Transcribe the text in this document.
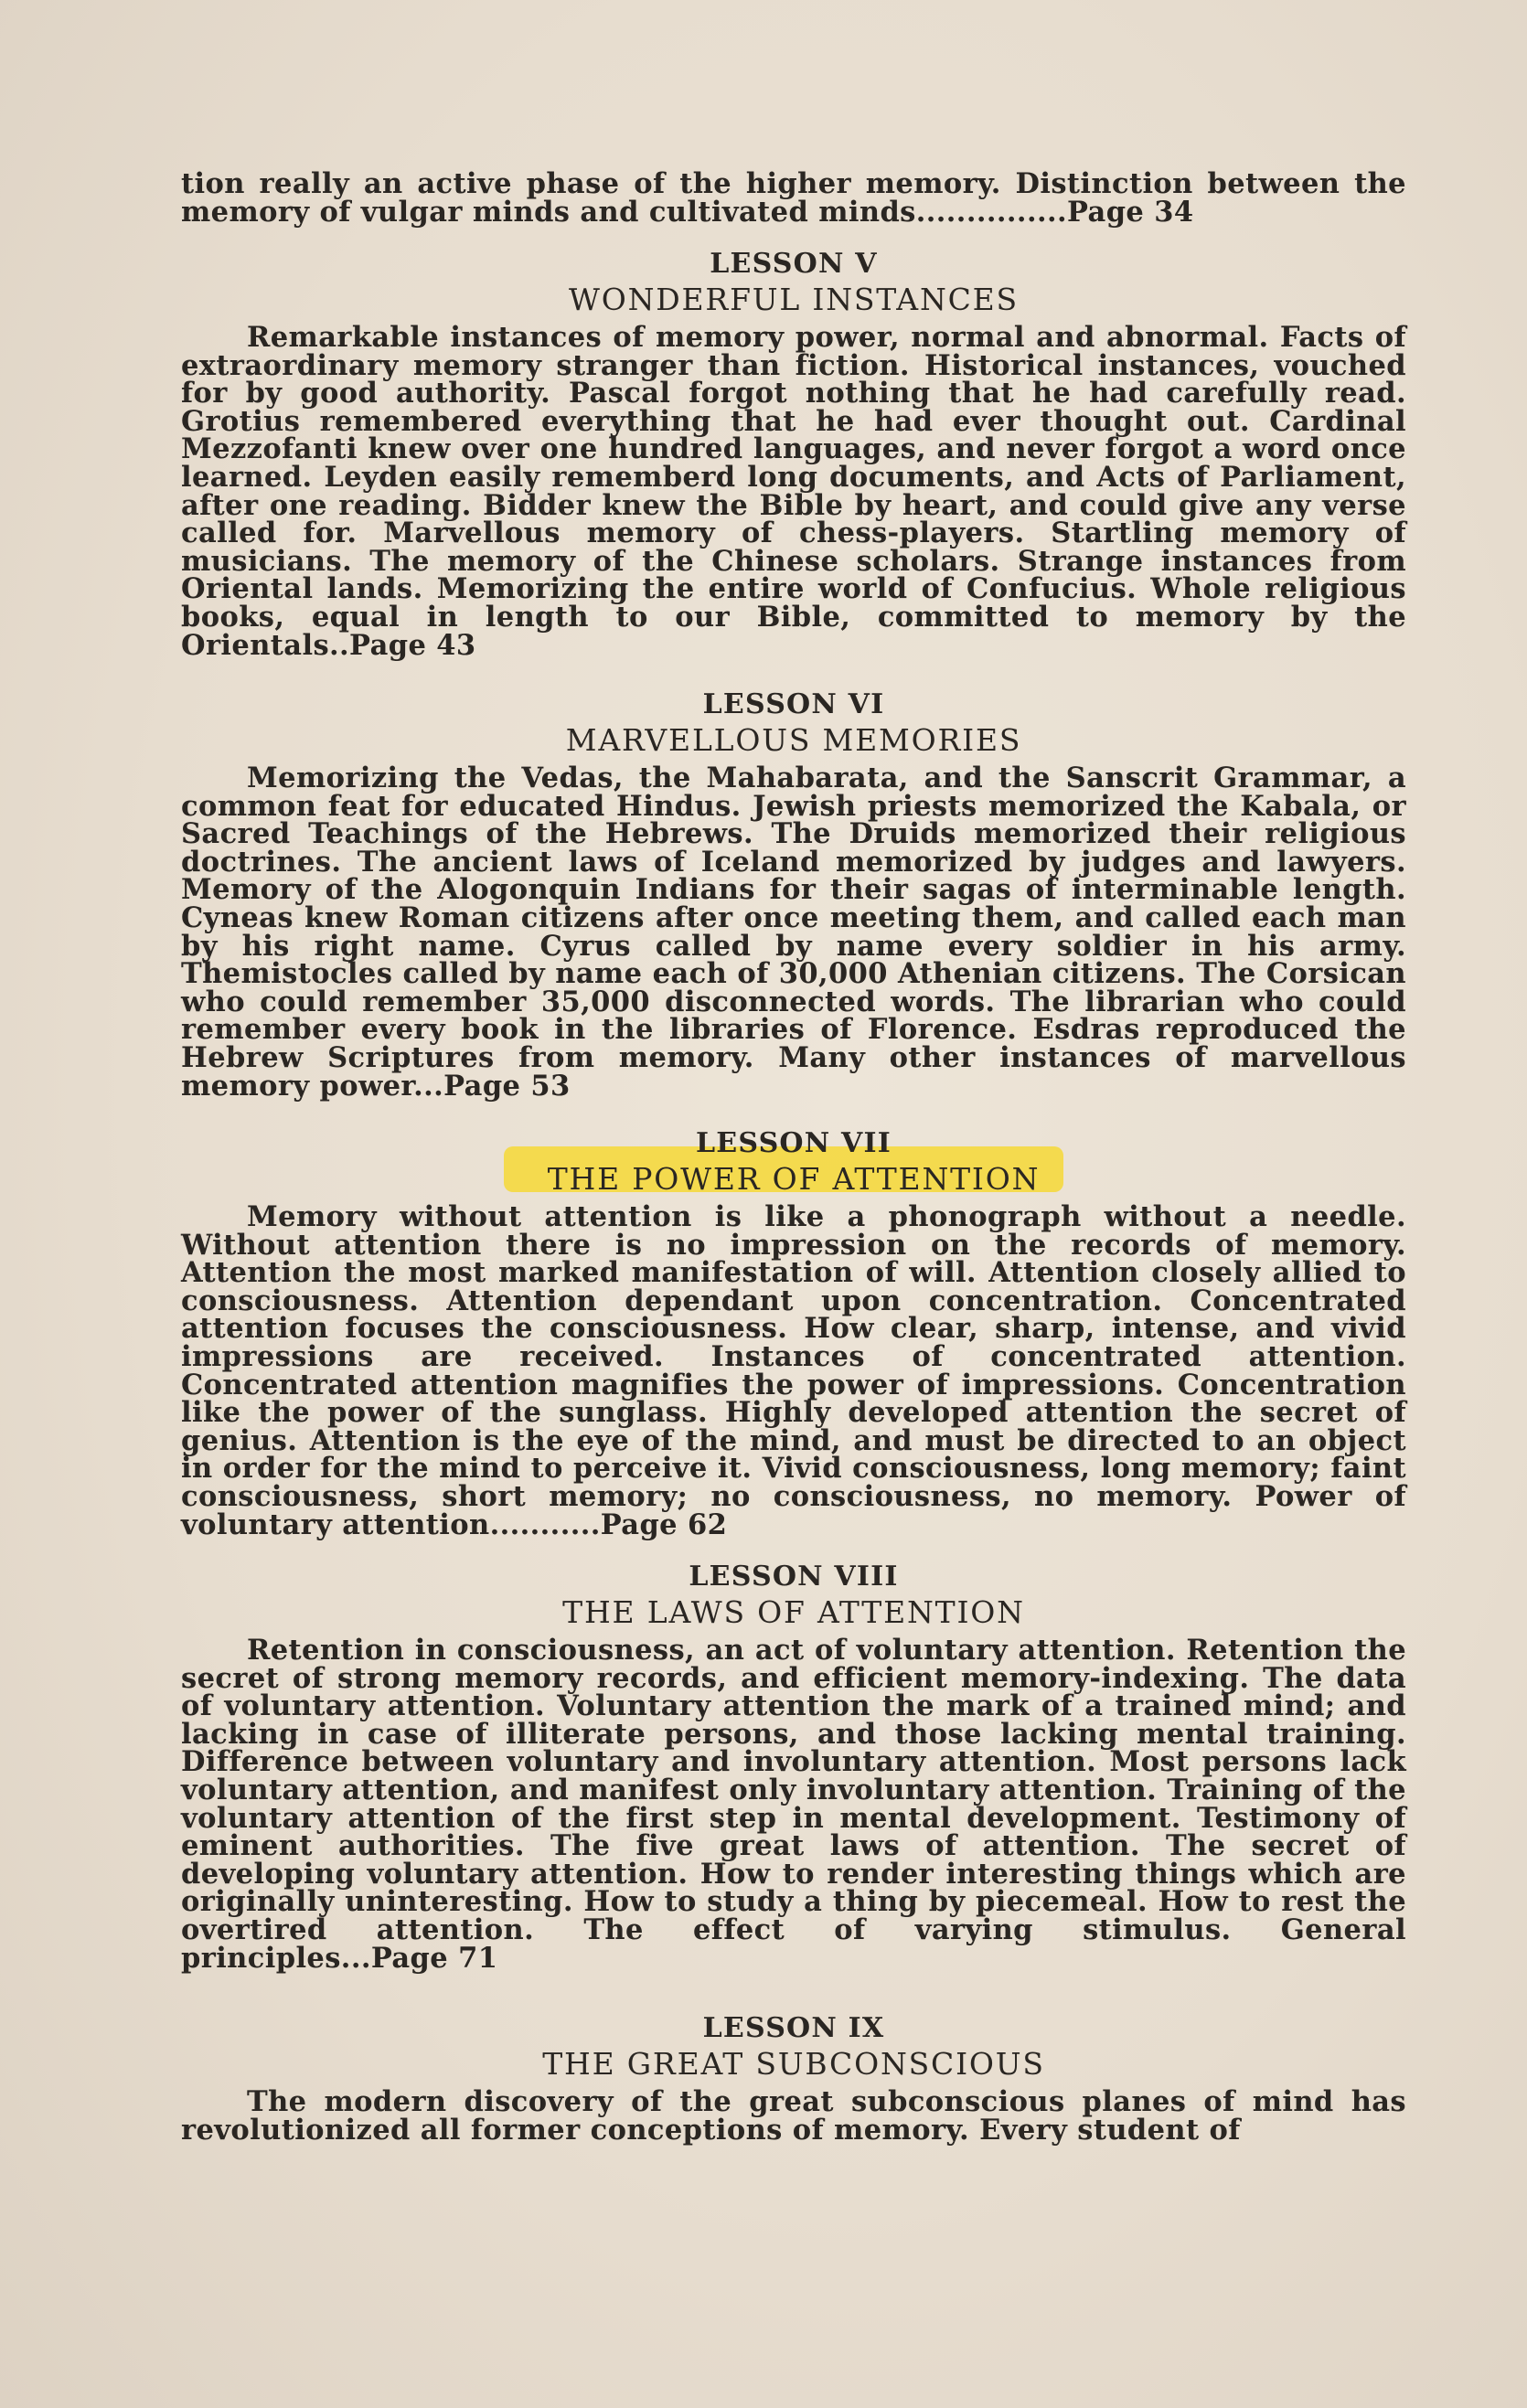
tion really an active phase of the higher memory. Distinction between the memory of vulgar minds and cultivated minds...............Page 34

LESSON V

WONDERFUL INSTANCES

Remarkable instances of memory power, normal and abnormal. Facts of extraordinary memory stranger than fiction. Historical instances, vouched for by good authority. Pascal forgot nothing that he had carefully read. Grotius remembered everything that he had ever thought out. Cardinal Mezzofanti knew over one hundred languages, and never forgot a word once learned. Leyden easily rememberd long documents, and Acts of Parliament, after one reading. Bidder knew the Bible by heart, and could give any verse called for. Marvellous memory of chess-players. Startling memory of musicians. The memory of the Chinese scholars. Strange instances from Oriental lands. Memorizing the entire world of Confucius. Whole religious books, equal in length to our Bible, committed to memory by the Orientals..Page 43

LESSON VI

MARVELLOUS MEMORIES

Memorizing the Vedas, the Mahabarata, and the Sanscrit Grammar, a common feat for educated Hindus. Jewish priests memorized the Kabala, or Sacred Teachings of the Hebrews. The Druids memorized their religious doctrines. The ancient laws of Iceland memorized by judges and lawyers. Memory of the Alogonquin Indians for their sagas of interminable length. Cyneas knew Roman citizens after once meeting them, and called each man by his right name. Cyrus called by name every soldier in his army. Themistocles called by name each of 30,000 Athenian citizens. The Corsican who could remember 35,000 disconnected words. The librarian who could remember every book in the libraries of Florence. Esdras reproduced the Hebrew Scriptures from memory. Many other instances of marvellous memory power...Page 53

LESSON VII

THE POWER OF ATTENTION

Memory without attention is like a phonograph without a needle. Without attention there is no impression on the records of memory. Attention the most marked manifestation of will. Attention closely allied to consciousness. Attention dependant upon concentration. Concentrated attention focuses the consciousness. How clear, sharp, intense, and vivid impressions are received. Instances of concentrated attention. Concentrated attention magnifies the power of impressions. Concentration like the power of the sunglass. Highly developed attention the secret of genius. Attention is the eye of the mind, and must be directed to an object in order for the mind to perceive it. Vivid consciousness, long memory; faint consciousness, short memory; no consciousness, no memory. Power of voluntary attention...........Page 62

LESSON VIII

THE LAWS OF ATTENTION

Retention in consciousness, an act of voluntary attention. Retention the secret of strong memory records, and efficient memory-indexing. The data of voluntary attention. Voluntary attention the mark of a trained mind; and lacking in case of illiterate persons, and those lacking mental training. Difference between voluntary and involuntary attention. Most persons lack voluntary attention, and manifest only involuntary attention. Training of the voluntary attention of the first step in mental development. Testimony of eminent authorities. The five great laws of attention. The secret of developing voluntary attention. How to render interesting things which are originally uninteresting. How to study a thing by piecemeal. How to rest the overtired attention. The effect of varying stimulus. General principles...Page 71

LESSON IX

THE GREAT SUBCONSCIOUS

The modern discovery of the great subconscious planes of mind has revolutionized all former conceptions of memory. Every student of
